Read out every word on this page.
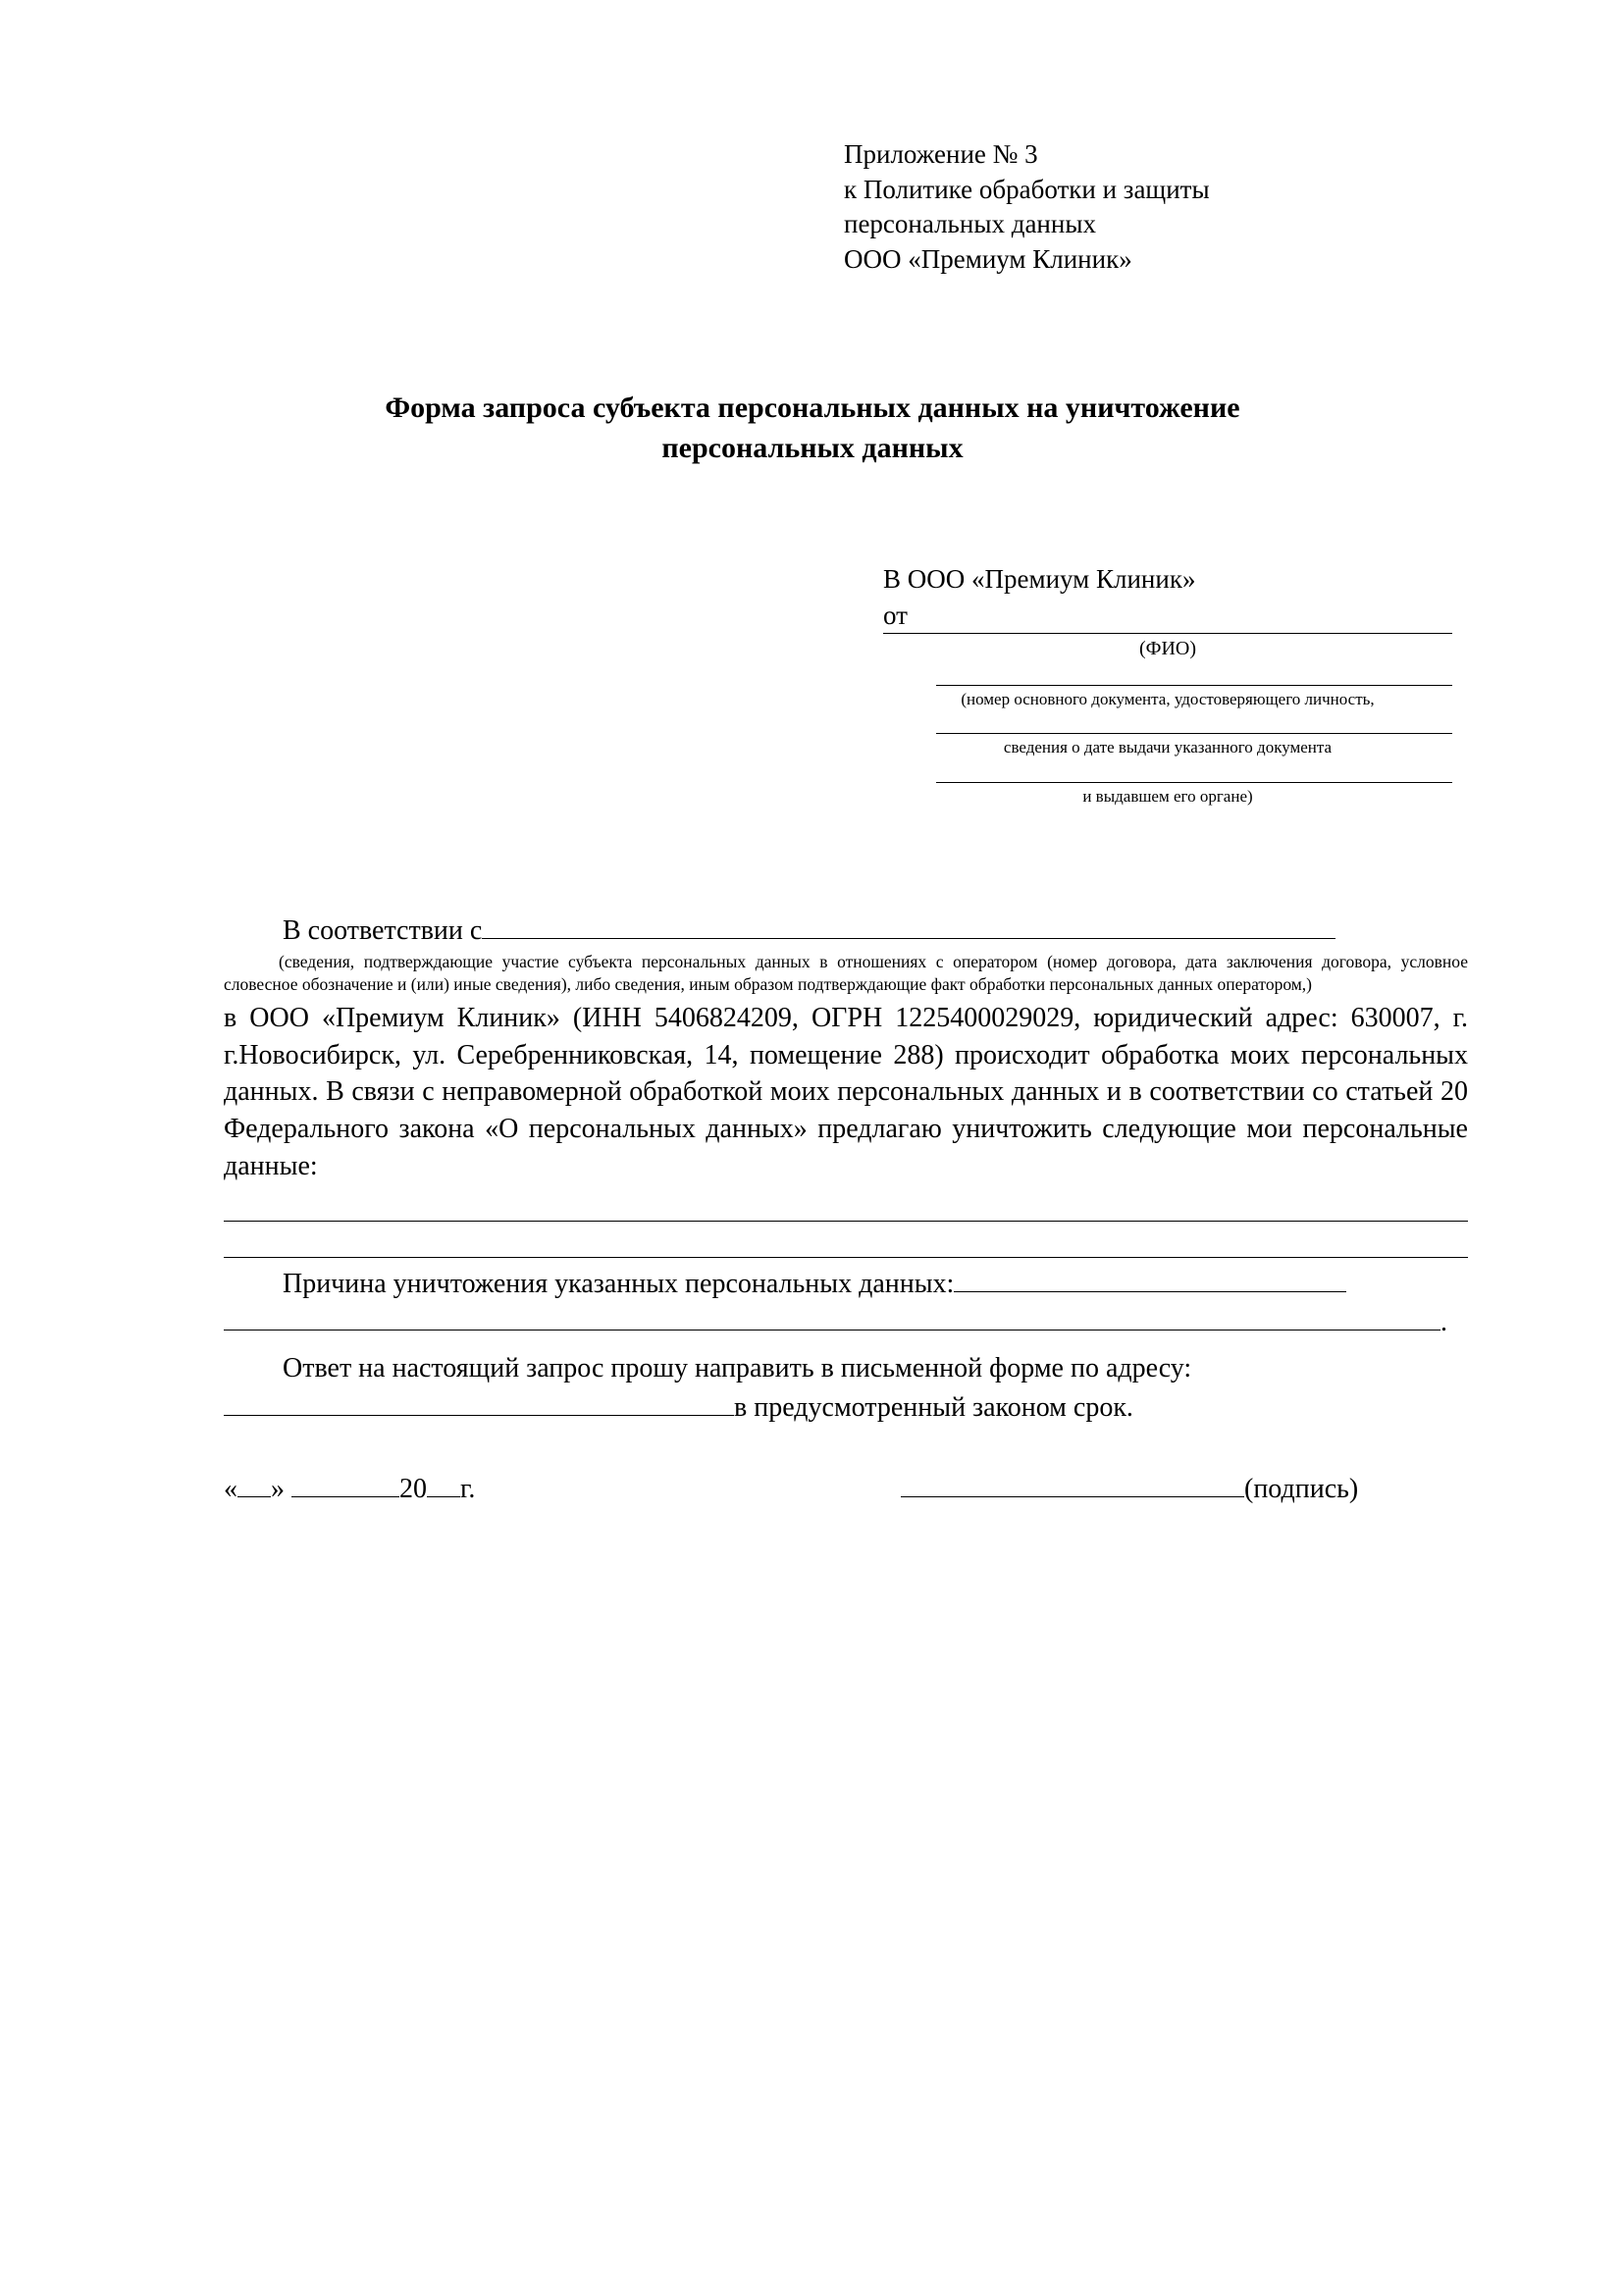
Приложение № 3
к Политике обработки и защиты
персональных данных
ООО «Премиум Клиник»
Форма запроса субъекта персональных данных на уничтожение
персональных данных
В ООО «Премиум Клиник»
от
(ФИО)
(номер основного документа, удостоверяющего личность,
сведения о дате выдачи указанного документа
и выдавшем его органе)
В соответствии с
(сведения, подтверждающие участие субъекта персональных данных в отношениях с оператором (номер договора, дата заключения договора, условное словесное обозначение и (или) иные сведения), либо сведения, иным образом подтверждающие факт обработки персональных данных оператором,)
в ООО «Премиум Клиник» (ИНН 5406824209, ОГРН 1225400029029, юридический адрес: 630007, г. г.Новосибирск, ул. Серебренниковская, 14, помещение 288) происходит обработка моих персональных данных. В связи с неправомерной обработкой моих персональных данных и в соответствии со статьей 20 Федерального закона «О персональных данных» предлагаю уничтожить следующие мои персональные данные:
Причина уничтожения указанных персональных данных:
.
Ответ на настоящий запрос прошу направить в письменной форме по адресу:
в предусмотренный законом срок.
« »	20 г.	(подпись)
